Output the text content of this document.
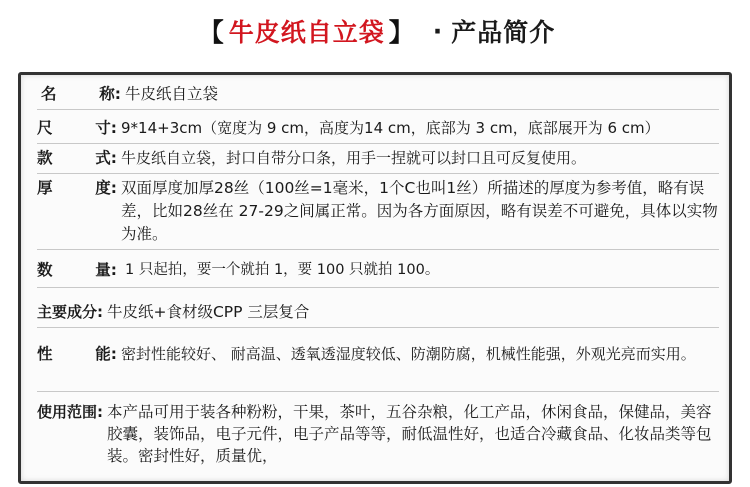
【 牛皮纸自立袋 】 · 产品简介
名	称: 牛皮纸自立袋
尺	寸: 9*14+3cm（宽度为 9 cm，高度为14 cm，底部为 3 cm，底部展开为 6 cm）
款	式: 牛皮纸自立袋，封口自带分口条，用手一捏就可以封口且可反复使用。
厚	度: 双面厚度加厚28丝（100丝=1毫米，1个C也叫1丝）所描述的厚度为参考值，略有误差，比如28丝在 27-29之间属正常。因为各方面原因，略有误差不可避免，具体以实物为准。
数	量: 1 只起拍，要一个就拍 1，要 100 只就拍 100。
主要成分: 牛皮纸+食材级CPP 三层复合
性	能: 密封性能较好、 耐高温、透氧透湿度较低、防潮防腐，机械性能强，外观光亮而实用。
使用范围: 本产品可用于装各种粉粉，干果，茶叶，五谷杂粮，化工产品，休闲食品，保健品，美容胶囊，装饰品，电子元件，电子产品等等，耐低温性好，也适合冷藏食品、化妆品类等包装。密封性好，质量优，
